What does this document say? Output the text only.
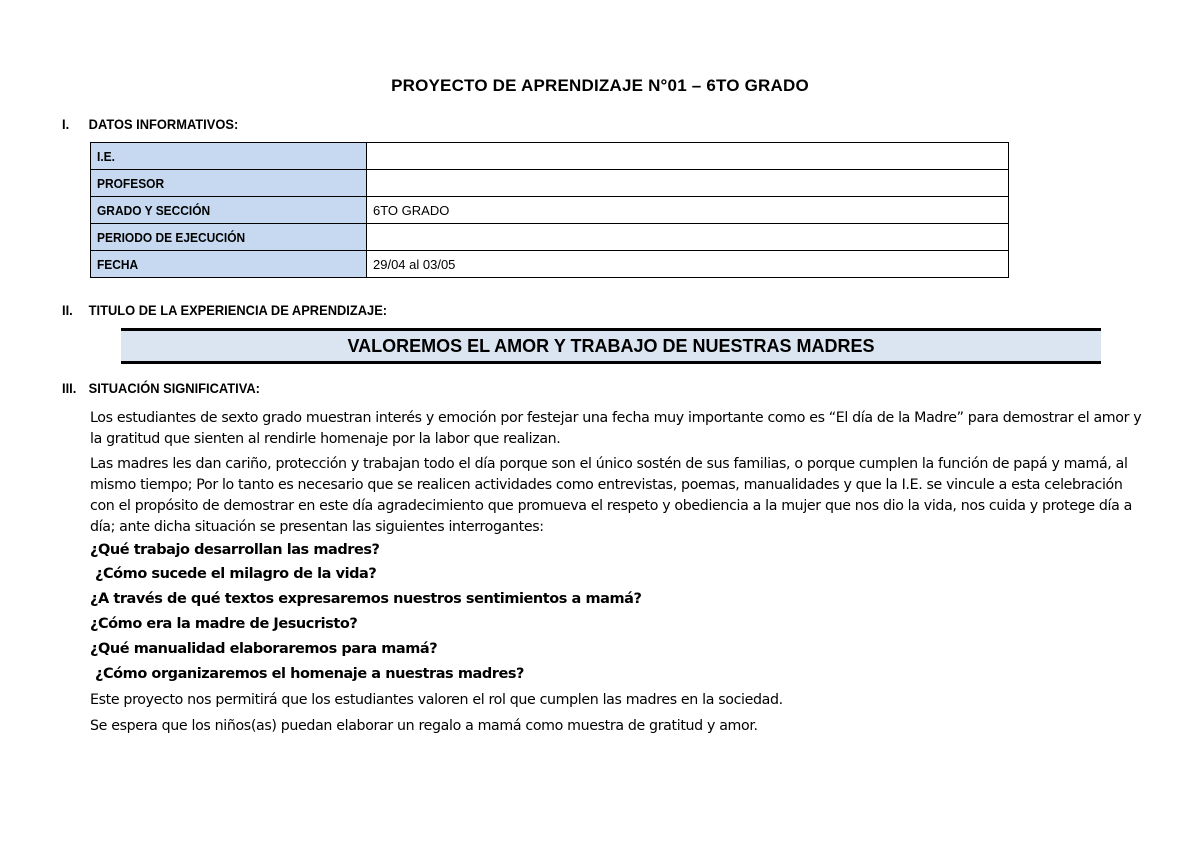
PROYECTO DE APRENDIZAJE N°01 – 6TO GRADO
I. DATOS INFORMATIVOS:
I.E.	
PROFESOR	
GRADO Y SECCIÓN	6TO GRADO
PERIODO DE EJECUCIÓN	
FECHA	29/04 al 03/05
II. TITULO DE LA EXPERIENCIA DE APRENDIZAJE:
VALOREMOS EL AMOR Y TRABAJO DE NUESTRAS MADRES
III. SITUACIÓN SIGNIFICATIVA:
Los estudiantes de sexto grado muestran interés y emoción por festejar una fecha muy importante como es “El día de la Madre” para demostrar el amor y la gratitud que sienten al rendirle homenaje por la labor que realizan.
Las madres les dan cariño, protección y trabajan todo el día porque son el único sostén de sus familias, o porque cumplen la función de papá y mamá, al mismo tiempo; Por lo tanto es necesario que se realicen actividades como entrevistas, poemas, manualidades y que la I.E. se vincule a esta celebración con el propósito de demostrar en este día agradecimiento que promueva el respeto y obediencia a la mujer que nos dio la vida, nos cuida y protege día a día; ante dicha situación se presentan las siguientes interrogantes:
¿Qué trabajo desarrollan las madres?
¿Cómo sucede el milagro de la vida?
¿A través de qué textos expresaremos nuestros sentimientos a mamá?
¿Cómo era la madre de Jesucristo?
¿Qué manualidad elaboraremos para mamá?
¿Cómo organizaremos el homenaje a nuestras madres?
Este proyecto nos permitirá que los estudiantes valoren el rol que cumplen las madres en la sociedad.
Se espera que los niños(as) puedan elaborar un regalo a mamá como muestra de gratitud y amor.
